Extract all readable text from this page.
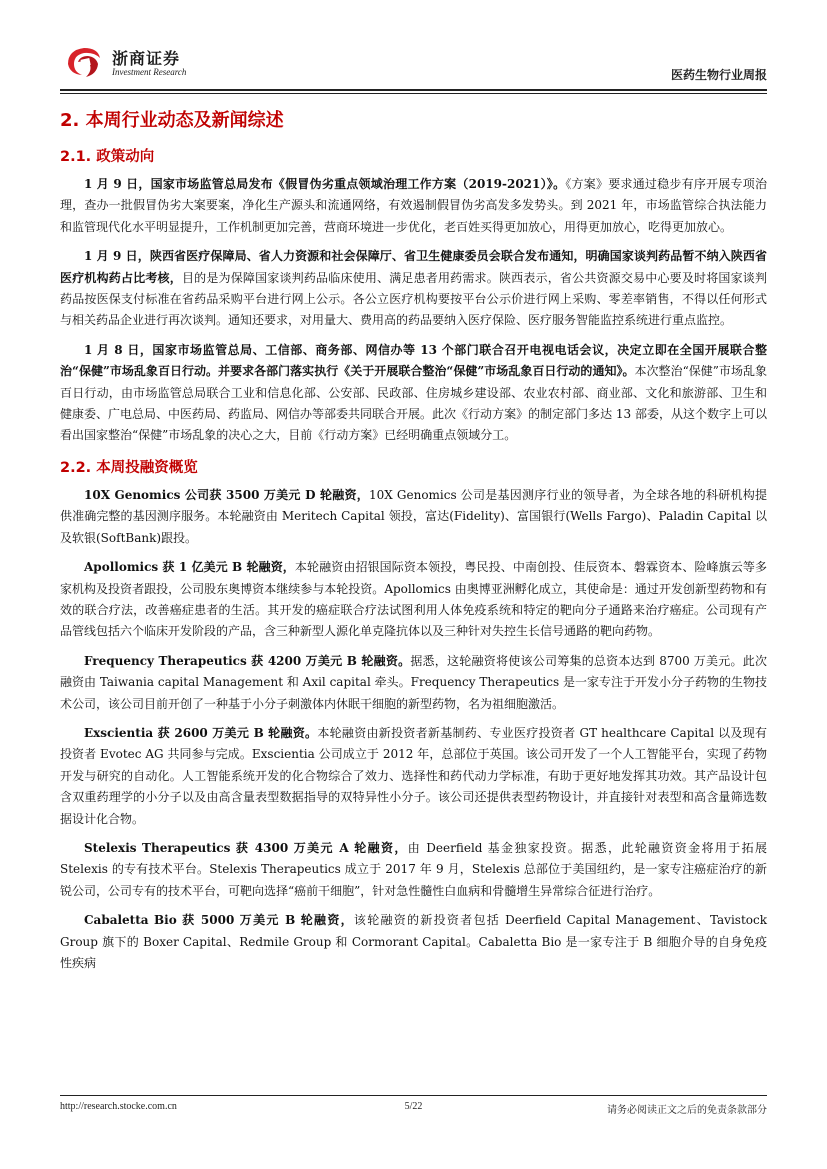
浙商证券
Investment Research	医药生物行业周报
2. 本周行业动态及新闻综述
2.1. 政策动向

1 月 9 日，国家市场监管总局发布《假冒伪劣重点领域治理工作方案（2019-2021）》。《方案》要求通过稳步有序开展专项治理，查办一批假冒伪劣大案要案，净化生产源头和流通网络，有效遏制假冒伪劣高发多发势头。到 2021 年，市场监管综合执法能力和监管现代化水平明显提升，工作机制更加完善，营商环境进一步优化，老百姓买得更加放心，用得更加放心，吃得更加放心。

1 月 9 日，陕西省医疗保障局、省人力资源和社会保障厅、省卫生健康委员会联合发布通知，明确国家谈判药品暂不纳入陕西省医疗机构药占比考核，目的是为保障国家谈判药品临床使用、满足患者用药需求。陕西表示，省公共资源交易中心要及时将国家谈判药品按医保支付标准在省药品采购平台进行网上公示。各公立医疗机构要按平台公示价进行网上采购、零差率销售，不得以任何形式与相关药品企业进行再次谈判。通知还要求，对用量大、费用高的药品要纳入医疗保险、医疗服务智能监控系统进行重点监控。

1 月 8 日，国家市场监管总局、工信部、商务部、网信办等 13 个部门联合召开电视电话会议，决定立即在全国开展联合整治“保健”市场乱象百日行动。并要求各部门落实执行《关于开展联合整治“保健”市场乱象百日行动的通知》。本次整治“保健”市场乱象百日行动，由市场监管总局联合工业和信息化部、公安部、民政部、住房城乡建设部、农业农村部、商业部、文化和旅游部、卫生和健康委、广电总局、中医药局、药监局、网信办等部委共同联合开展。此次《行动方案》的制定部门多达 13 部委，从这个数字上可以看出国家整治“保健”市场乱象的决心之大，目前《行动方案》已经明确重点领域分工。

2.2. 本周投融资概览

10X Genomics 公司获 3500 万美元 D 轮融资，10X Genomics 公司是基因测序行业的领导者，为全球各地的科研机构提供准确完整的基因测序服务。本轮融资由 Meritech Capital 领投，富达(Fidelity)、富国银行(Wells Fargo)、Paladin Capital 以及软银(SoftBank)跟投。

Apollomics 获 1 亿美元 B 轮融资，本轮融资由招银国际资本领投，粤民投、中南创投、佳辰资本、磐霖资本、险峰旗云等多家机构及投资者跟投，公司股东奥博资本继续参与本轮投资。Apollomics 由奥博亚洲孵化成立，其使命是：通过开发创新型药物和有效的联合疗法，改善癌症患者的生活。其开发的癌症联合疗法试图利用人体免疫系统和特定的靶向分子通路来治疗癌症。公司现有产品管线包括六个临床开发阶段的产品，含三种新型人源化单克隆抗体以及三种针对失控生长信号通路的靶向药物。

Frequency Therapeutics 获 4200 万美元 B 轮融资。据悉，这轮融资将使该公司筹集的总资本达到 8700 万美元。此次融资由 Taiwania capital Management 和 Axil capital 牵头。Frequency Therapeutics 是一家专注于开发小分子药物的生物技术公司，该公司目前开创了一种基于小分子刺激体内休眠干细胞的新型药物，名为祖细胞激活。

Exscientia 获 2600 万美元 B 轮融资。本轮融资由新投资者新基制药、专业医疗投资者 GT healthcare Capital 以及现有投资者 Evotec AG 共同参与完成。Exscientia 公司成立于 2012 年，总部位于英国。该公司开发了一个人工智能平台，实现了药物开发与研究的自动化。人工智能系统开发的化合物综合了效力、选择性和药代动力学标准，有助于更好地发挥其功效。其产品设计包含双重药理学的小分子以及由高含量表型数据指导的双特异性小分子。该公司还提供表型药物设计，并直接针对表型和高含量筛选数据设计化合物。

Stelexis Therapeutics 获 4300 万美元 A 轮融资，由 Deerfield 基金独家投资。据悉，此轮融资资金将用于拓展 Stelexis 的专有技术平台。Stelexis Therapeutics 成立于 2017 年 9 月，Stelexis 总部位于美国纽约，是一家专注癌症治疗的新锐公司，公司专有的技术平台，可靶向选择“癌前干细胞”，针对急性髓性白血病和骨髓增生异常综合征进行治疗。

Cabaletta Bio 获 5000 万美元 B 轮融资，该轮融资的新投资者包括 Deerfield Capital Management、Tavistock Group 旗下的 Boxer Capital、Redmile Group 和 Cormorant Capital。Cabaletta Bio 是一家专注于 B 细胞介导的自身免疫性疾病

http://research.stocke.com.cn	5/22	请务必阅读正文之后的免责条款部分
